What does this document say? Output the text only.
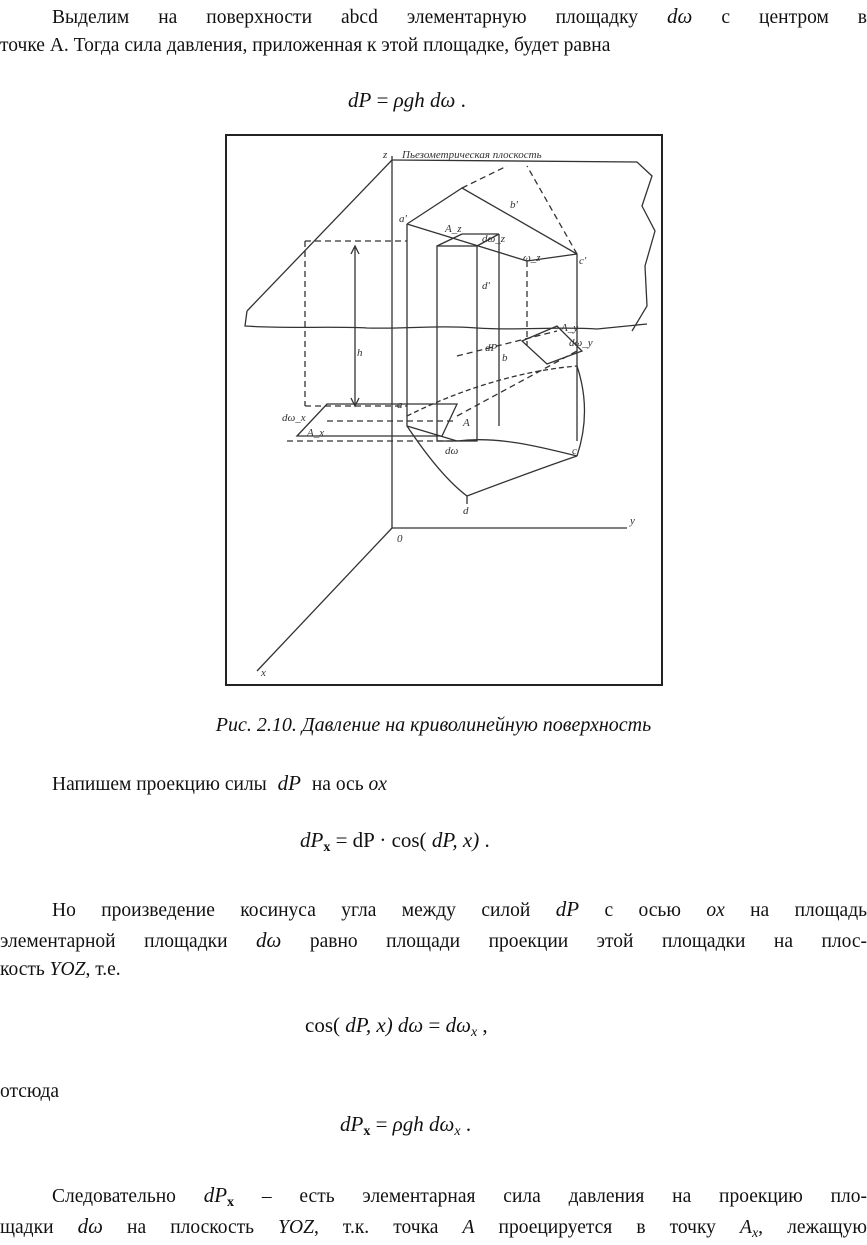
Выделим на поверхности abcd элементарную площадку dω с центром в
точке A. Тогда сила давления, приложенная к этой площадке, будет равна
dP = ρgh dω .
Пьезометрическая плоскость
z
y
x
0
a'
b'
c'
d'
a
b
c
d
h
A_z
dω_z
ω_z
A_y
dω_y
A_x
dω_x
dP
A
dω
Рис. 2.10. Давление на криволинейную поверхность
Напишем проекцию силы dP на ось ox
$dP_x$ = dP · cos( dP, x) .
Но произведение косинуса угла между силой dP с осью ox на площадь
элементарной площадки dω равно площади проекции этой площадки на плос-
кость YOZ, т.е.
cos( dP, x) dω = dωx ,
отсюда
$dP_x = \rho gh$ dωx .
Следовательно $dP_x$ – есть элементарная сила давления на проекцию пло-
щадки dω на плоскость YOZ, т.к. точка A проецируется в точку $A_x$, лежащую
